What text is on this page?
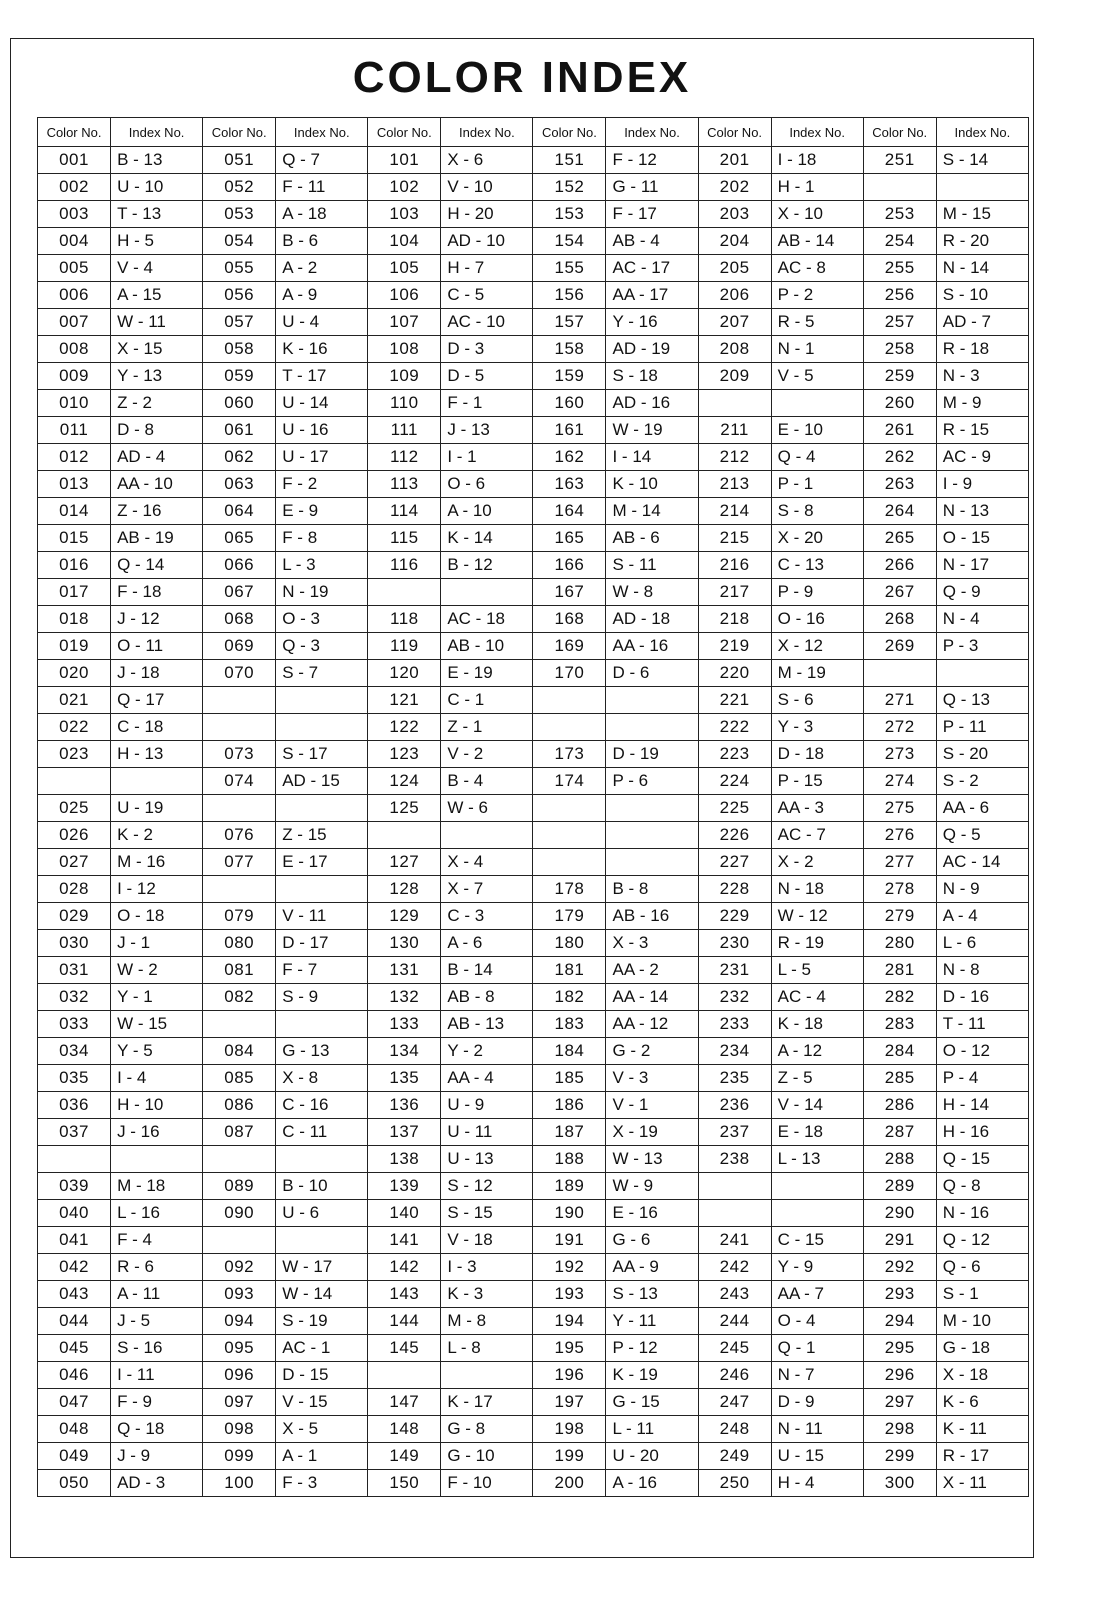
COLOR INDEX
Color No.	Index No.	Color No.	Index No.	Color No.	Index No.	Color No.	Index No.	Color No.	Index No.	Color No.	Index No.
001	B - 13	051	Q - 7	101	X - 6	151	F - 12	201	I - 18	251	S - 14
002	U - 10	052	F - 11	102	V - 10	152	G - 11	202	H - 1		
003	T - 13	053	A - 18	103	H - 20	153	F - 17	203	X - 10	253	M - 15
004	H - 5	054	B - 6	104	AD - 10	154	AB - 4	204	AB - 14	254	R - 20
005	V - 4	055	A - 2	105	H - 7	155	AC - 17	205	AC - 8	255	N - 14
006	A - 15	056	A - 9	106	C - 5	156	AA - 17	206	P - 2	256	S - 10
007	W - 11	057	U - 4	107	AC - 10	157	Y - 16	207	R - 5	257	AD - 7
008	X - 15	058	K - 16	108	D - 3	158	AD - 19	208	N - 1	258	R - 18
009	Y - 13	059	T - 17	109	D - 5	159	S - 18	209	V - 5	259	N - 3
010	Z - 2	060	U - 14	110	F - 1	160	AD - 16			260	M - 9
011	D - 8	061	U - 16	111	J - 13	161	W - 19	211	E - 10	261	R - 15
012	AD - 4	062	U - 17	112	I - 1	162	I - 14	212	Q - 4	262	AC - 9
013	AA - 10	063	F - 2	113	O - 6	163	K - 10	213	P - 1	263	I - 9
014	Z - 16	064	E - 9	114	A - 10	164	M - 14	214	S - 8	264	N - 13
015	AB - 19	065	F - 8	115	K - 14	165	AB - 6	215	X - 20	265	O - 15
016	Q - 14	066	L - 3	116	B - 12	166	S - 11	216	C - 13	266	N - 17
017	F - 18	067	N - 19			167	W - 8	217	P - 9	267	Q - 9
018	J - 12	068	O - 3	118	AC - 18	168	AD - 18	218	O - 16	268	N - 4
019	O - 11	069	Q - 3	119	AB - 10	169	AA - 16	219	X - 12	269	P - 3
020	J - 18	070	S - 7	120	E - 19	170	D - 6	220	M - 19		
021	Q - 17			121	C - 1			221	S - 6	271	Q - 13
022	C - 18			122	Z - 1			222	Y - 3	272	P - 11
023	H - 13	073	S - 17	123	V - 2	173	D - 19	223	D - 18	273	S - 20
		074	AD - 15	124	B - 4	174	P - 6	224	P - 15	274	S - 2
025	U - 19			125	W - 6			225	AA - 3	275	AA - 6
026	K - 2	076	Z - 15					226	AC - 7	276	Q - 5
027	M - 16	077	E - 17	127	X - 4			227	X - 2	277	AC - 14
028	I - 12			128	X - 7	178	B - 8	228	N - 18	278	N - 9
029	O - 18	079	V - 11	129	C - 3	179	AB - 16	229	W - 12	279	A - 4
030	J - 1	080	D - 17	130	A - 6	180	X - 3	230	R - 19	280	L - 6
031	W - 2	081	F - 7	131	B - 14	181	AA - 2	231	L - 5	281	N - 8
032	Y - 1	082	S - 9	132	AB - 8	182	AA - 14	232	AC - 4	282	D - 16
033	W - 15			133	AB - 13	183	AA - 12	233	K - 18	283	T - 11
034	Y - 5	084	G - 13	134	Y - 2	184	G - 2	234	A - 12	284	O - 12
035	I - 4	085	X - 8	135	AA - 4	185	V - 3	235	Z - 5	285	P - 4
036	H - 10	086	C - 16	136	U - 9	186	V - 1	236	V - 14	286	H - 14
037	J - 16	087	C - 11	137	U - 11	187	X - 19	237	E - 18	287	H - 16
				138	U - 13	188	W - 13	238	L - 13	288	Q - 15
039	M - 18	089	B - 10	139	S - 12	189	W - 9			289	Q - 8
040	L - 16	090	U - 6	140	S - 15	190	E - 16			290	N - 16
041	F - 4			141	V - 18	191	G - 6	241	C - 15	291	Q - 12
042	R - 6	092	W - 17	142	I - 3	192	AA - 9	242	Y - 9	292	Q - 6
043	A - 11	093	W - 14	143	K - 3	193	S - 13	243	AA - 7	293	S - 1
044	J - 5	094	S - 19	144	M - 8	194	Y - 11	244	O - 4	294	M - 10
045	S - 16	095	AC - 1	145	L - 8	195	P - 12	245	Q - 1	295	G - 18
046	I - 11	096	D - 15			196	K - 19	246	N - 7	296	X - 18
047	F - 9	097	V - 15	147	K - 17	197	G - 15	247	D - 9	297	K - 6
048	Q - 18	098	X - 5	148	G - 8	198	L - 11	248	N - 11	298	K - 11
049	J - 9	099	A - 1	149	G - 10	199	U - 20	249	U - 15	299	R - 17
050	AD - 3	100	F - 3	150	F - 10	200	A - 16	250	H - 4	300	X - 11
